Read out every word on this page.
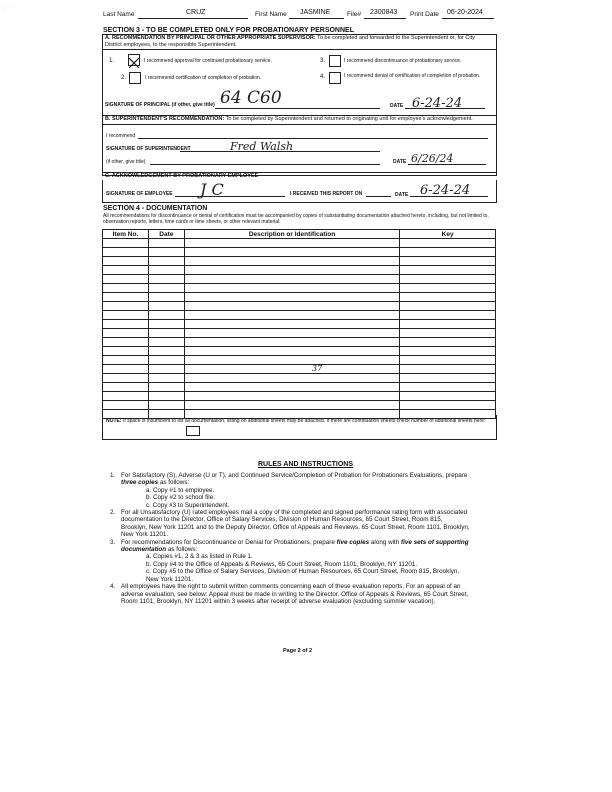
, · · ·
Last Name	CRUZ	First Name JASMINE	File# 2300843 Print Date 06-20-2024
SECTION 3 - TO BE COMPLETED ONLY FOR PROBATIONARY PERSONNEL
A. RECOMMENDATION BY PRINCIPAL OR OTHER APPROPRIATE SUPERVISOR: To be completed and forwarded to the Superintendent or, for City District employees, to the responsible Superintendent.
1.	I recommend approval for continued probationary service.
2.	I recommend certification of completion of probation.
3.	I recommend discontinuance of probationary service.
4.	I recommend denial of certification of completion of probation.
SIGNATURE OF PRINCIPAL (if other, give title) 64 C60	DATE 6-24-24
B. SUPERINTENDENT'S RECOMMENDATION: To be completed by Superintendent and returned to originating unit for employee's acknowledgement.
I recommend
SIGNATURE OF SUPERINTENDENT	Fred Walsh
(if other, give title)	DATE 6/26/24
C. ACKNOWLEDGEMENT BY PROBATIONARY EMPLOYEE
SIGNATURE OF EMPLOYEE J C	I RECEIVED THIS REPORT ON	DATE 6-24-24
SECTION 4 - DOCUMENTATION
All recommendations for discontinuance or denial of certification must be accompanied by copies of substantiating documentation attached hereto, including, but not limited to, observation reports, letters, time cards or time sheets, or other relevant material.
Item No.	Date	Description or Identification	Key

37
NOTE: If space is insufficient to list all documentation, listing on additional sheets may be attached. If there are continuation sheets check number of additional sheets here:
RULES AND INSTRUCTIONS
1. For Satisfactory (S), Adverse (U or T), and Continued Service/Completion of Probation for Probationers Evaluations, prepare three copies as follows:
a. Copy #1 to employee.
b. Copy #2 to school file.
c. Copy #3 to Superintendent.
2. For all Unsatisfactory (U) rated employees mail a copy of the completed and signed performance rating form with associated documentation to the Director, Office of Salary Services, Division of Human Resources, 65 Court Street, Room 815, Brooklyn, New York 11201 and to the Deputy Director, Office of Appeals and Reviews, 65 Court Street, Room 1101, Brooklyn, New York 11201.
3. For recommendations for Discontinuance or Denial for Probationers, prepare five copies along with five sets of supporting documentation as follows:
a. Copies #1, 2 & 3 as listed in Rule 1.
b. Copy #4 to the Office of Appeals & Reviews, 65 Court Street, Room 1101, Brooklyn, NY 11201.
c. Copy #5 to the Office of Salary Services, Division of Human Resources, 65 Court Street, Room 815, Brooklyn, New York 11201.
4. All employees have the right to submit written comments concerning each of these evaluation reports. For an appeal of an adverse evaluation, see below: Appeal must be made in writing to the Director, Office of Appeals & Reviews, 65 Court Street, Room 1101, Brooklyn, NY 11201 within 3 weeks after receipt of adverse evaluation (excluding summer vacation).
Page 2 of 2
